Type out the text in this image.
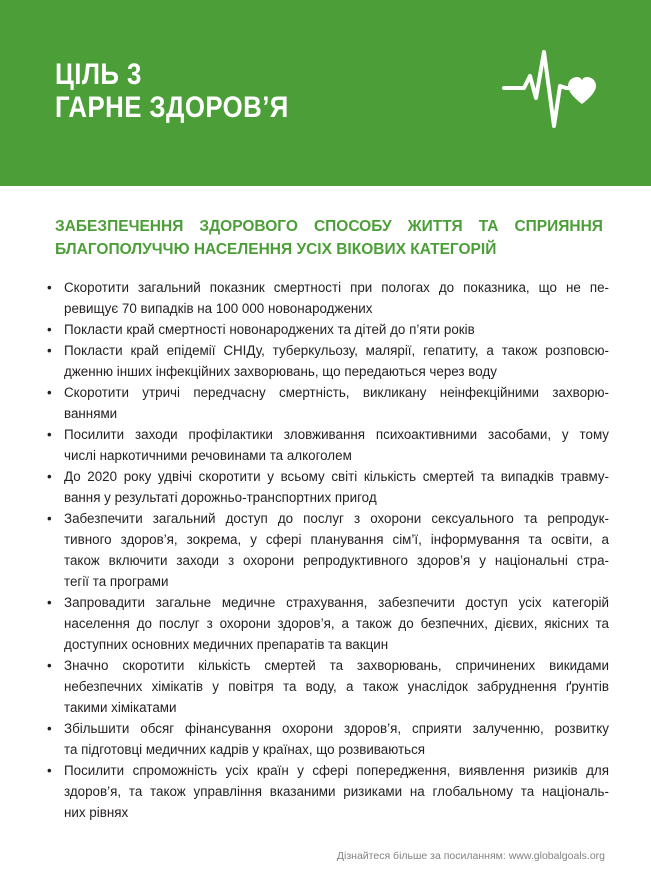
ЦІЛЬ 3
ГАРНЕ ЗДОРОВ’Я
ЗАБЕЗПЕЧЕННЯ ЗДОРОВОГО СПОСОБУ ЖИТТЯ ТА СПРИЯННЯ
БЛАГОПОЛУЧЧЮ НАСЕЛЕННЯ УСІХ ВІКОВИХ КАТЕГОРІЙ
• Скоротити загальний показник смертності при пологах до показника, що не пе-
ревищує 70 випадків на 100 000 новонароджених
• Покласти край смертності новонароджених та дітей до п’яти років
• Покласти край епідемії СНІДу, туберкульозу, малярії, гепатиту, а також розповсю-
дженню інших інфекційних захворювань, що передаються через воду
• Скоротити утричі передчасну смертність, викликану неінфекційними захворю-
ваннями
• Посилити заходи профілактики зловживання психоактивними засобами, у тому
числі наркотичними речовинами та алкоголем
• До 2020 року удвічі скоротити у всьому світі кількість смертей та випадків травму-
вання у результаті дорожньо-транспортних пригод
• Забезпечити загальний доступ до послуг з охорони сексуального та репродук-
тивного здоров’я, зокрема, у сфері планування сім’ї, інформування та освіти, а
також включити заходи з охорони репродуктивного здоров’я у національні стра-
тегії та програми
• Запровадити загальне медичне страхування, забезпечити доступ усіх категорій
населення до послуг з охорони здоров’я, а також до безпечних, дієвих, якісних та
доступних основних медичних препаратів та вакцин
• Значно скоротити кількість смертей та захворювань, спричинених викидами
небезпечних хімікатів у повітря та воду, а також унаслідок забруднення ґрунтів
такими хімікатами
• Збільшити обсяг фінансування охорони здоров’я, сприяти залученню, розвитку
та підготовці медичних кадрів у країнах, що розвиваються
• Посилити спроможність усіх країн у сфері попередження, виявлення ризиків для
здоров’я, та також управління вказаними ризиками на глобальному та національ-
них рівнях
Дізнайтеся більше за посиланням: www.globalgoals.org
